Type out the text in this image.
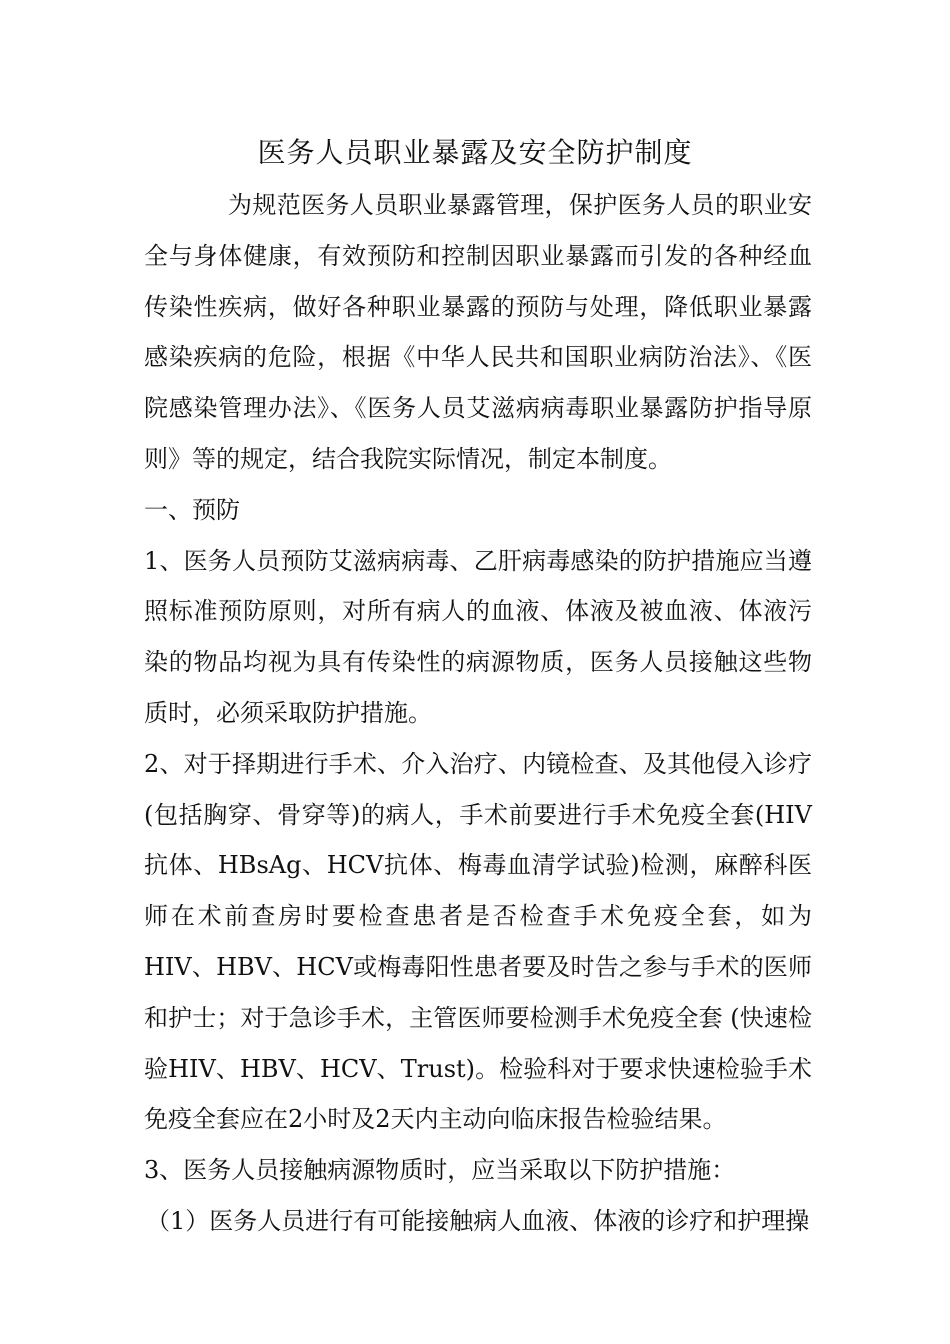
医务人员职业暴露及安全防护制度

为规范医务人员职业暴露管理，保护医务人员的职业安全与身体健康，有效预防和控制因职业暴露而引发的各种经血传染性疾病，做好各种职业暴露的预防与处理，降低职业暴露感染疾病的危险，根据《中华人民共和国职业病防治法》、《医院感染管理办法》、《医务人员艾滋病病毒职业暴露防护指导原则》等的规定，结合我院实际情况，制定本制度。

一、预防

1、医务人员预防艾滋病病毒、乙肝病毒感染的防护措施应当遵照标准预防原则，对所有病人的血液、体液及被血液、体液污染的物品均视为具有传染性的病源物质，医务人员接触这些物质时，必须采取防护措施。

2、对于择期进行手术、介入治疗、内镜检查、及其他侵入诊疗(包括胸穿、骨穿等)的病人，手术前要进行手术免疫全套(HIV抗体、HBsAg、HCV抗体、梅毒血清学试验)检测，麻醉科医师在术前查房时要检查患者是否检查手术免疫全套，如为HIV、HBV、HCV或梅毒阳性患者要及时告之参与手术的医师和护士；对于急诊手术，主管医师要检测手术免疫全套 (快速检验HIV、HBV、HCV、Trust)。检验科对于要求快速检验手术免疫全套应在2小时及2天内主动向临床报告检验结果。

3、医务人员接触病源物质时，应当采取以下防护措施：

（1）医务人员进行有可能接触病人血液、体液的诊疗和护理操
